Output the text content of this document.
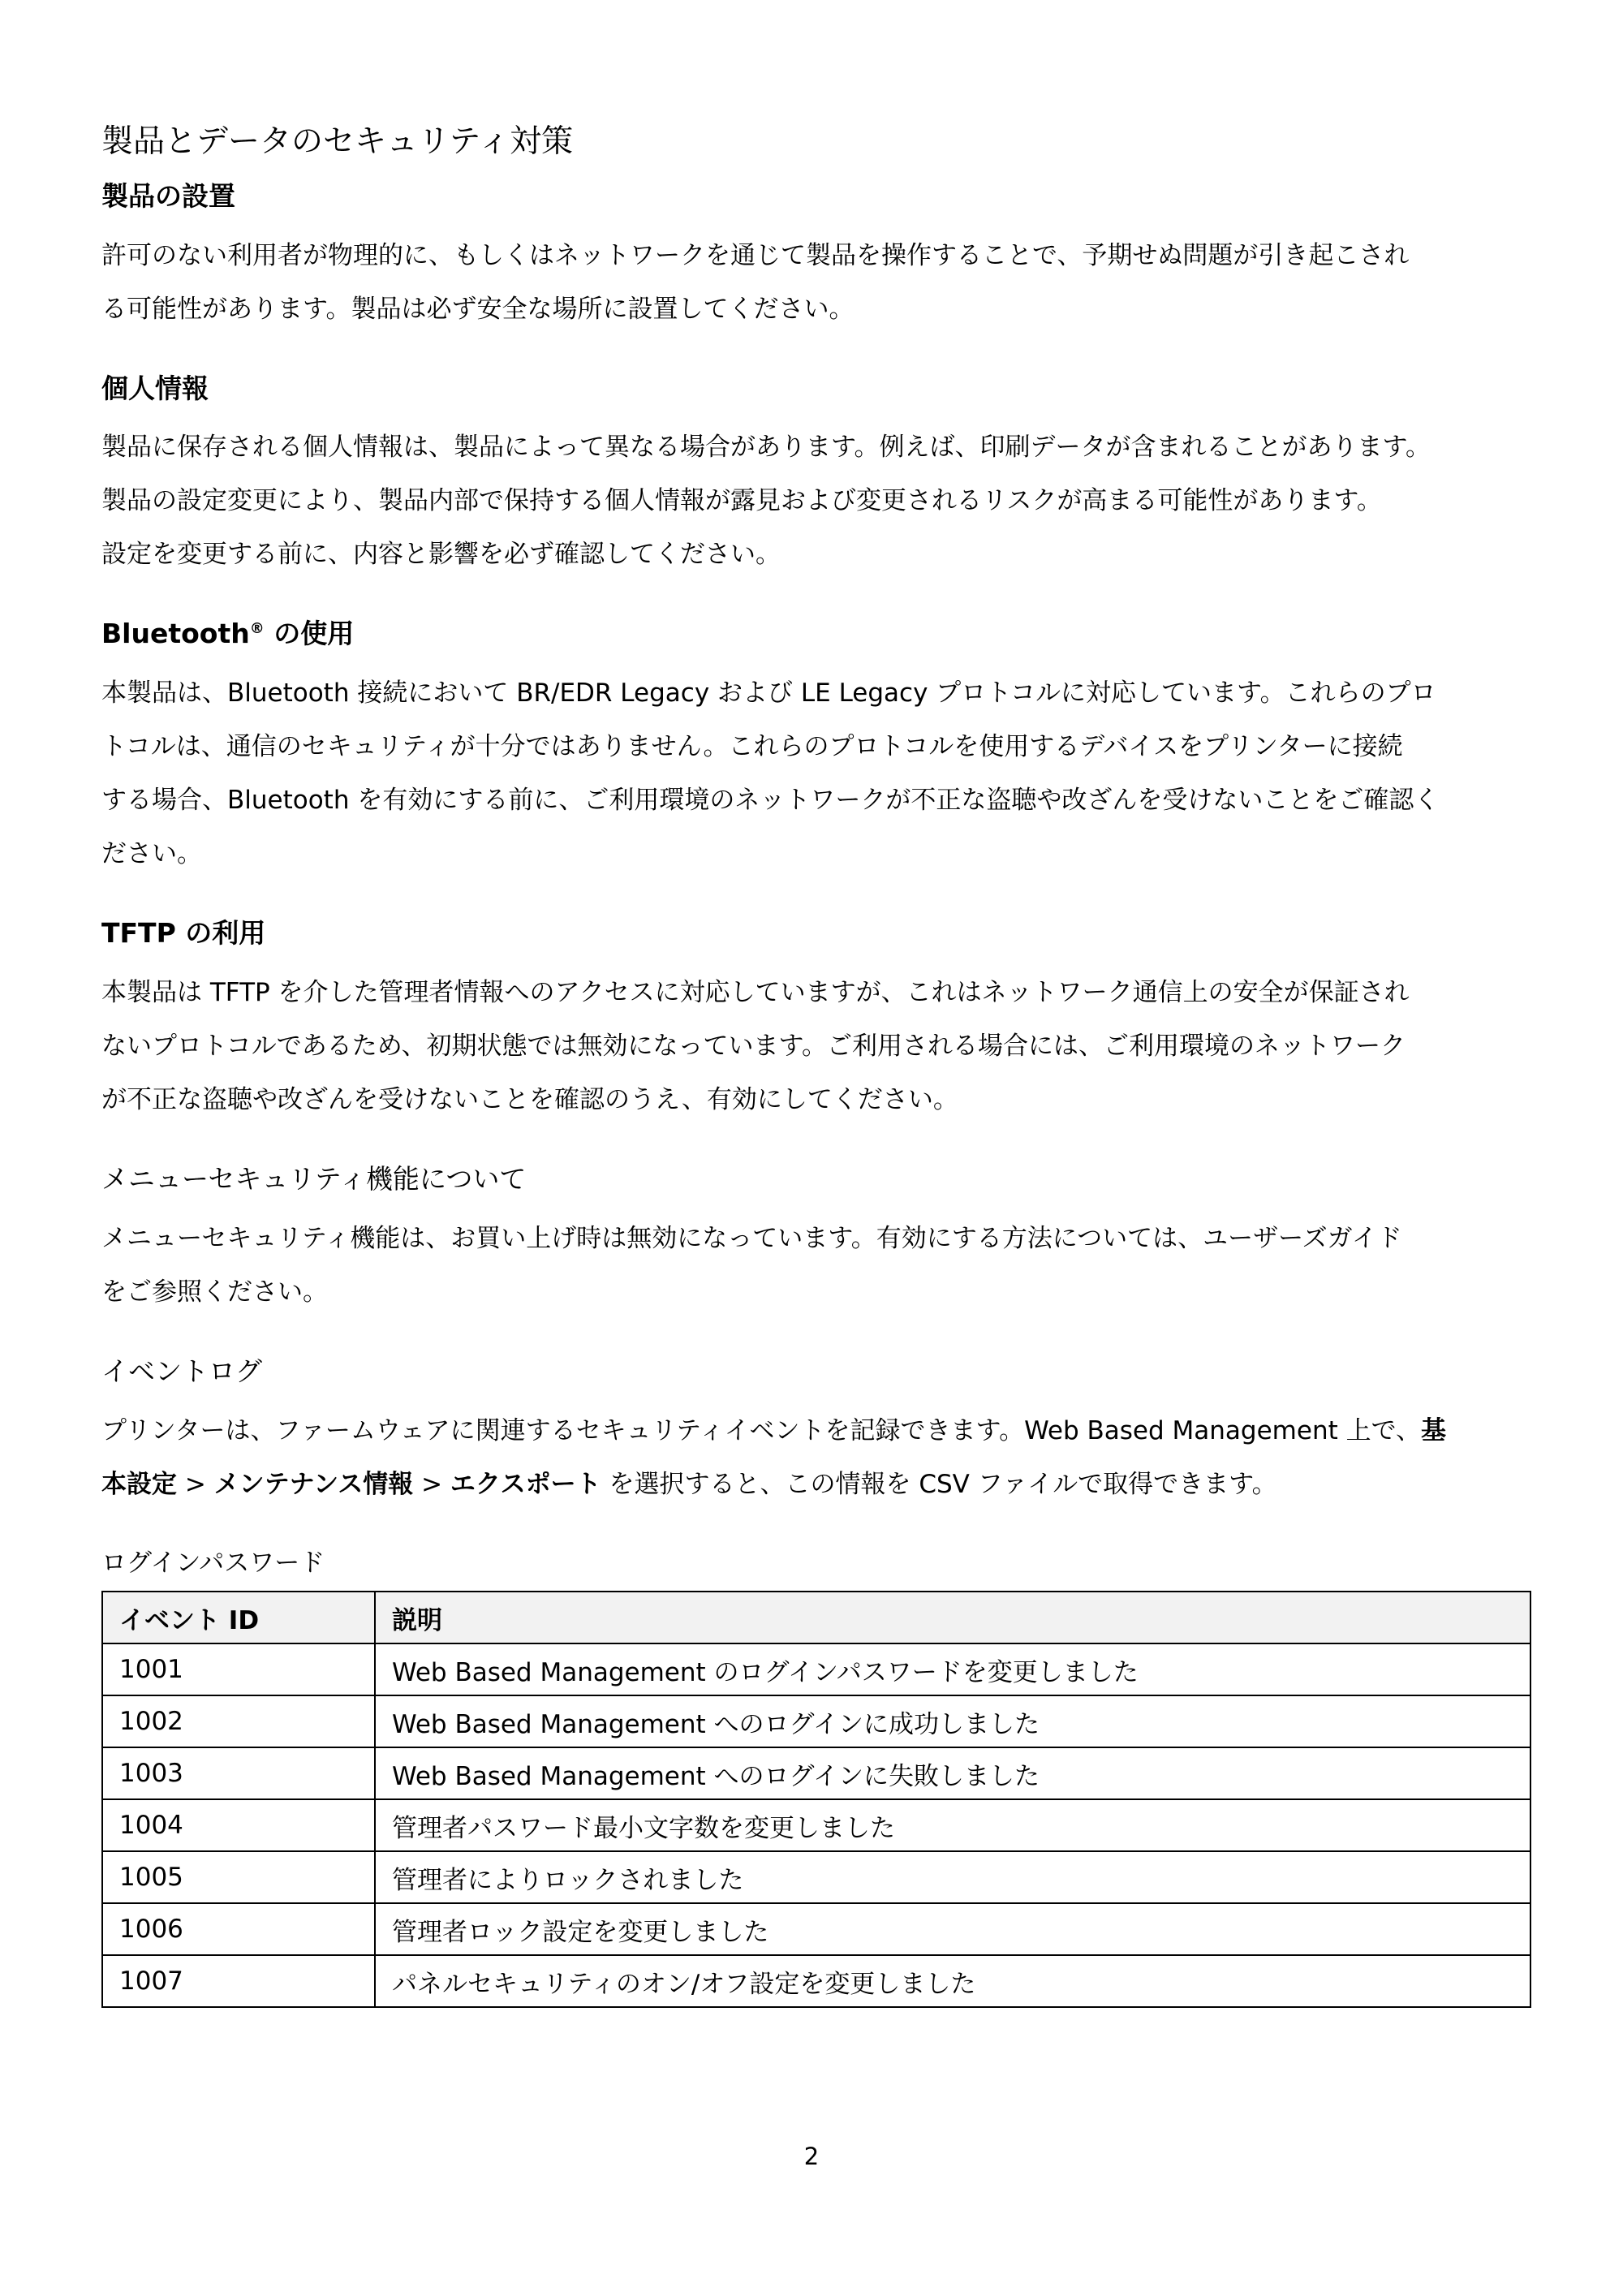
製品とデータのセキュリティ対策
製品の設置

許可のない利用者が物理的に、もしくはネットワークを通じて製品を操作することで、予期せぬ問題が引き起こされ
る可能性があります。製品は必ず安全な場所に設置してください。

個人情報

製品に保存される個人情報は、製品によって異なる場合があります。例えば、印刷データが含まれることがあります。
製品の設定変更により、製品内部で保持する個人情報が露見および変更されるリスクが高まる可能性があります。
設定を変更する前に、内容と影響を必ず確認してください。

Bluetooth® の使用

本製品は、Bluetooth 接続において BR/EDR Legacy および LE Legacy プロトコルに対応しています。これらのプロ
トコルは、通信のセキュリティが十分ではありません。これらのプロトコルを使用するデバイスをプリンターに接続
する場合、Bluetooth を有効にする前に、ご利用環境のネットワークが不正な盗聴や改ざんを受けないことをご確認く
ださい。

TFTP の利用

本製品は TFTP を介した管理者情報へのアクセスに対応していますが、これはネットワーク通信上の安全が保証され
ないプロトコルであるため、初期状態では無効になっています。ご利用される場合には、ご利用環境のネットワーク
が不正な盗聴や改ざんを受けないことを確認のうえ、有効にしてください。

メニューセキュリティ機能について

メニューセキュリティ機能は、お買い上げ時は無効になっています。有効にする方法については、ユーザーズガイド
をご参照ください。

イベントログ

プリンターは、ファームウェアに関連するセキュリティイベントを記録できます。Web Based Management 上で、基
本設定 > メンテナンス情報 > エクスポート を選択すると、この情報を CSV ファイルで取得できます。

ログインパスワード
イベント ID	説明
1001	Web Based Management のログインパスワードを変更しました
1002	Web Based Management へのログインに成功しました
1003	Web Based Management へのログインに失敗しました
1004	管理者パスワード最小文字数を変更しました
1005	管理者によりロックされました
1006	管理者ロック設定を変更しました
1007	パネルセキュリティのオン/オフ設定を変更しました
2
